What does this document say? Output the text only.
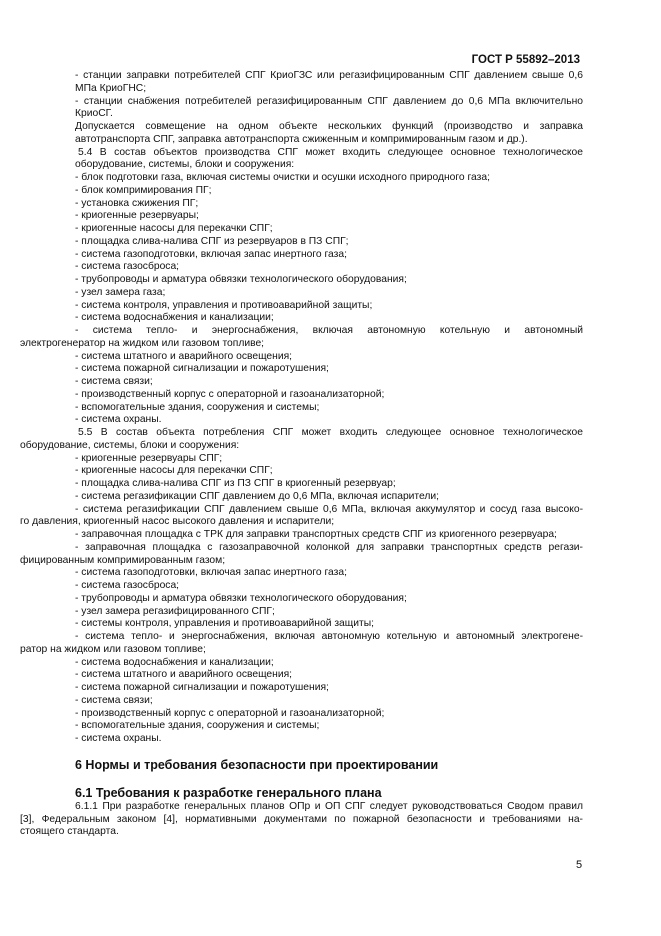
ГОСТ Р 55892–2013

- станции заправки потребителей СПГ КриоГЗС или регазифицированным СПГ давлением свыше 0,6

МПа КриоГНС;

- станции снабжения потребителей регазифицированным СПГ давлением до 0,6 МПа включительно

КриоСГ.

Допускается совмещение на одном объекте нескольких функций (производство и заправка

автотранспорта СПГ, заправка автотранспорта сжиженным и компримированным газом и др.).

5.4 В состав объектов производства СПГ может входить следующее основное технологическое

оборудование, системы, блоки и сооружения:

- блок подготовки газа, включая системы очистки и осушки исходного природного газа;

- блок компримирования ПГ;

- установка сжижения ПГ;

- криогенные резервуары;

- криогенные насосы для перекачки СПГ;

- площадка слива-налива СПГ из резервуаров в ПЗ СПГ;

- система газоподготовки, включая запас инертного газа;

- система газосброса;

- трубопроводы и арматура обвязки технологического оборудования;

- узел замера газа;

- система контроля, управления и противоаварийной защиты;

- система водоснабжения и канализации;

- система тепло- и энергоснабжения, включая автономную котельную и автономный

электрогенератор на жидком или газовом топливе;

- система штатного и аварийного освещения;

- система пожарной сигнализации и пожаротушения;

- система связи;

- производственный корпус с операторной и газоанализаторной;

- вспомогательные здания, сооружения и системы;

- система охраны.

5.5 В состав объекта потребления СПГ может входить следующее основное технологическое

оборудование, системы, блоки и сооружения:

- криогенные резервуары СПГ;

- криогенные насосы для перекачки СПГ;

- площадка слива-налива СПГ из ПЗ СПГ в криогенный резервуар;

- система регазификации СПГ давлением до 0,6 МПа, включая испарители;

- система регазификации СПГ давлением свыше 0,6 МПа, включая аккумулятор и сосуд газа высоко-

го давления, криогенный насос высокого давления и испарители;

- заправочная площадка с ТРК для заправки транспортных средств СПГ из криогенного резервуара;

- заправочная площадка с газозаправочной колонкой для заправки транспортных средств регази-

фицированным компримированным газом;

- система газоподготовки, включая запас инертного газа;

- система газосброса;

- трубопроводы и арматура обвязки технологического оборудования;

- узел замера регазифицированного СПГ;

- системы контроля, управления и противоаварийной защиты;

- система тепло- и энергоснабжения, включая автономную котельную и автономный электрогене-

ратор на жидком или газовом топливе;

- система водоснабжения и канализации;

- система штатного и аварийного освещения;

- система пожарной сигнализации и пожаротушения;

- система связи;

- производственный корпус с операторной и газоанализаторной;

- вспомогательные здания, сооружения и системы;

- система охраны.

6 Нормы и требования безопасности при проектировании

6.1 Требования к разработке генерального плана

6.1.1 При разработке генеральных планов ОПр и ОП СПГ следует руководствоваться Сводом правил

[3], Федеральным законом [4], нормативными документами по пожарной безопасности и требованиями на-

стоящего стандарта.

5
